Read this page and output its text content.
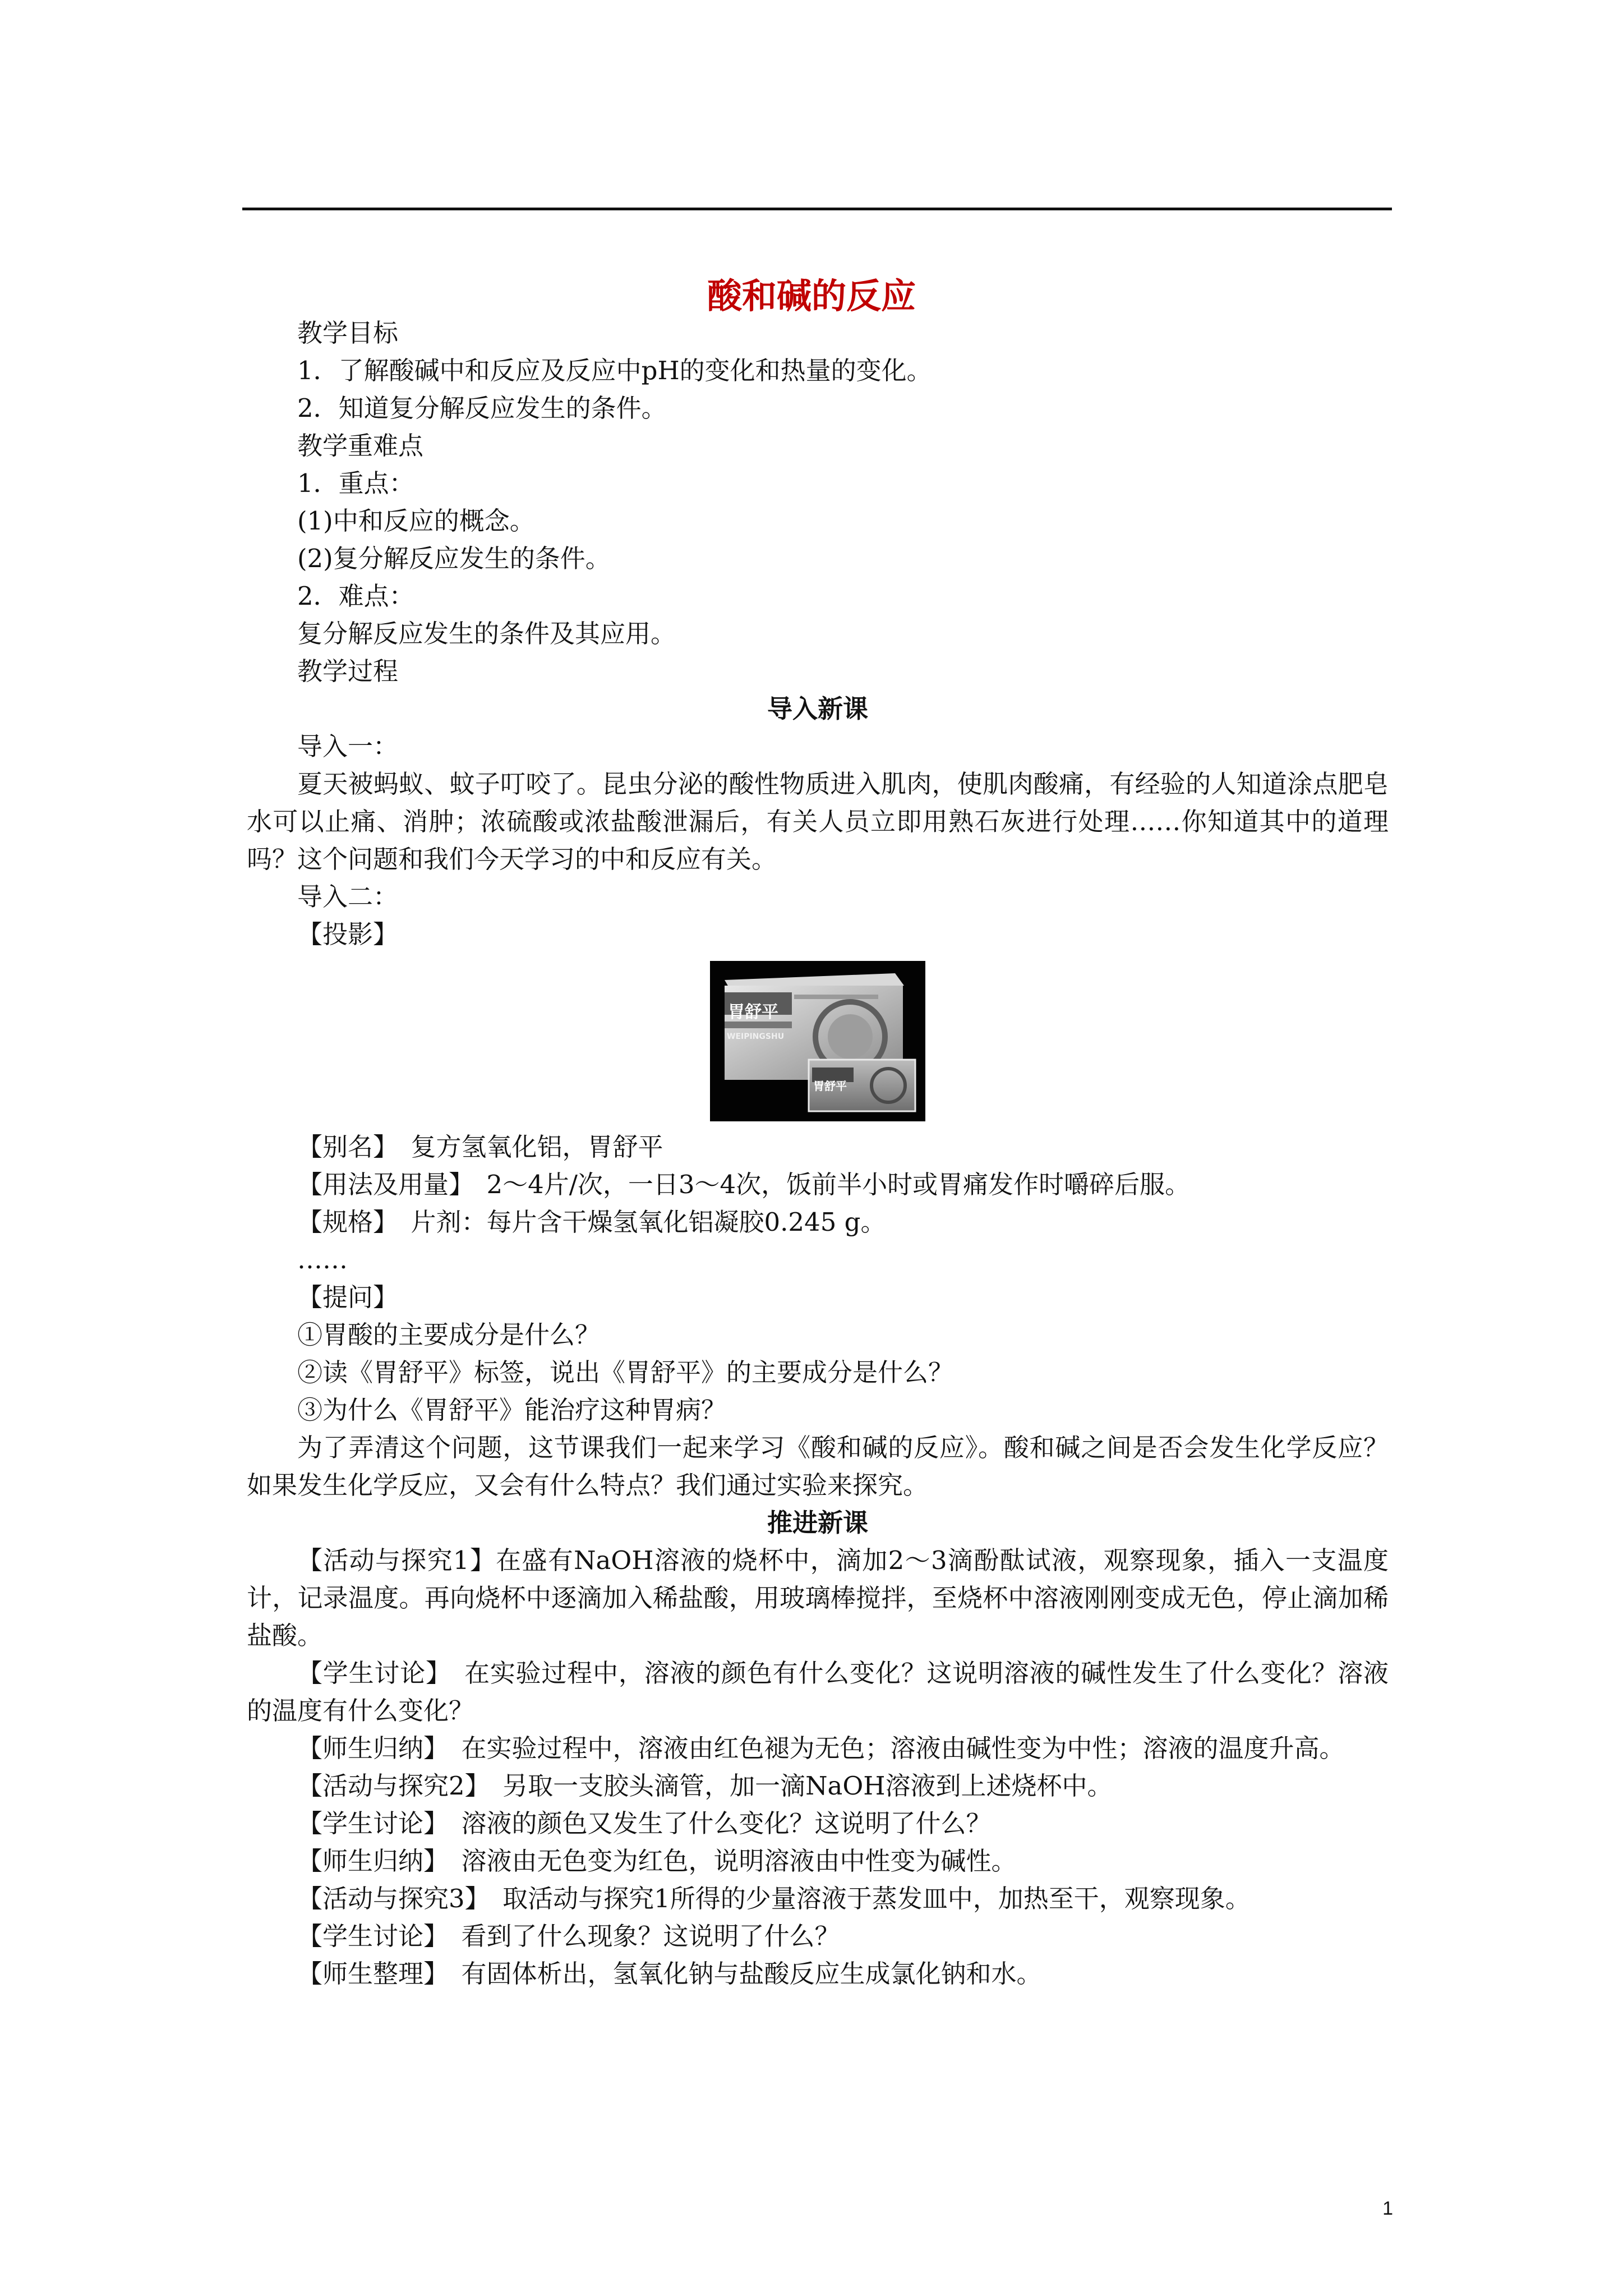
酸和碱的反应

教学目标

1．了解酸碱中和反应及反应中pH的变化和热量的变化。

2．知道复分解反应发生的条件。

教学重难点

1．重点：

(1)中和反应的概念。

(2)复分解反应发生的条件。

2．难点：

复分解反应发生的条件及其应用。

教学过程

导入新课

导入一：

夏天被蚂蚁、蚊子叮咬了。昆虫分泌的酸性物质进入肌肉，使肌肉酸痛，有经验的人知道涂点肥皂水可以止痛、消肿；浓硫酸或浓盐酸泄漏后，有关人员立即用熟石灰进行处理……你知道其中的道理吗？这个问题和我们今天学习的中和反应有关。

导入二：

【投影】

胃舒平
WEIPINGSHU
胃舒平

【别名】　复方氢氧化铝，胃舒平

【用法及用量】　2～4片/次，一日3～4次，饭前半小时或胃痛发作时嚼碎后服。

【规格】　片剂：每片含干燥氢氧化铝凝胶0.245 g。

……

【提问】

①胃酸的主要成分是什么？

②读《胃舒平》标签，说出《胃舒平》的主要成分是什么？

③为什么《胃舒平》能治疗这种胃病？

为了弄清这个问题，这节课我们一起来学习《酸和碱的反应》。酸和碱之间是否会发生化学反应？如果发生化学反应，又会有什么特点？我们通过实验来探究。

推进新课

【活动与探究1】在盛有NaOH溶液的烧杯中，滴加2～3滴酚酞试液，观察现象，插入一支温度计，记录温度。再向烧杯中逐滴加入稀盐酸，用玻璃棒搅拌，至烧杯中溶液刚刚变成无色，停止滴加稀盐酸。

【学生讨论】　在实验过程中，溶液的颜色有什么变化？这说明溶液的碱性发生了什么变化？溶液的温度有什么变化？

【师生归纳】　在实验过程中，溶液由红色褪为无色；溶液由碱性变为中性；溶液的温度升高。

【活动与探究2】　另取一支胶头滴管，加一滴NaOH溶液到上述烧杯中。

【学生讨论】　溶液的颜色又发生了什么变化？这说明了什么？

【师生归纳】　溶液由无色变为红色，说明溶液由中性变为碱性。

【活动与探究3】　取活动与探究1所得的少量溶液于蒸发皿中，加热至干，观察现象。

【学生讨论】　看到了什么现象？这说明了什么？

【师生整理】　有固体析出，氢氧化钠与盐酸反应生成氯化钠和水。

1
